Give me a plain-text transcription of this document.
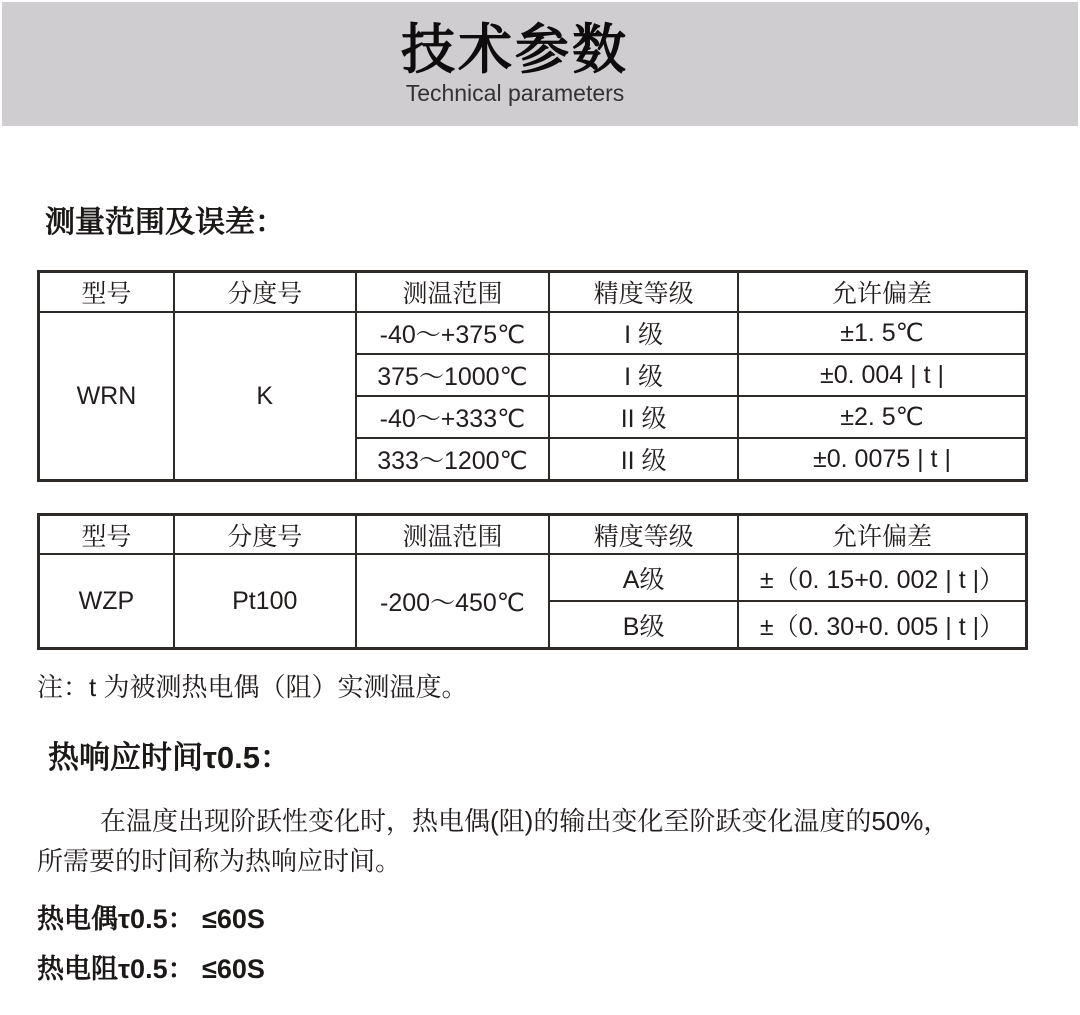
技术参数
Technical parameters
测量范围及误差：
型号	分度号	测温范围	精度等级	允许偏差
WRN	K	-40～+375℃	I 级	±1. 5℃
		375～1000℃	I 级	±0. 004 | t |
		-40～+333℃	II 级	±2. 5℃
		333～1200℃	II 级	±0. 0075 | t |
型号	分度号	测温范围	精度等级	允许偏差
WZP	Pt100	-200～450℃	A级	±（0. 15+0. 002 | t |）
			B级	±（0. 30+0. 005 | t |）
注：t 为被测热电偶（阻）实测温度。
热响应时间τ0.5：
在温度出现阶跃性变化时，热电偶(阻)的输出变化至阶跃变化温度的50%，
所需要的时间称为热响应时间。
热电偶τ0.5： ≤60S
热电阻τ0.5： ≤60S
